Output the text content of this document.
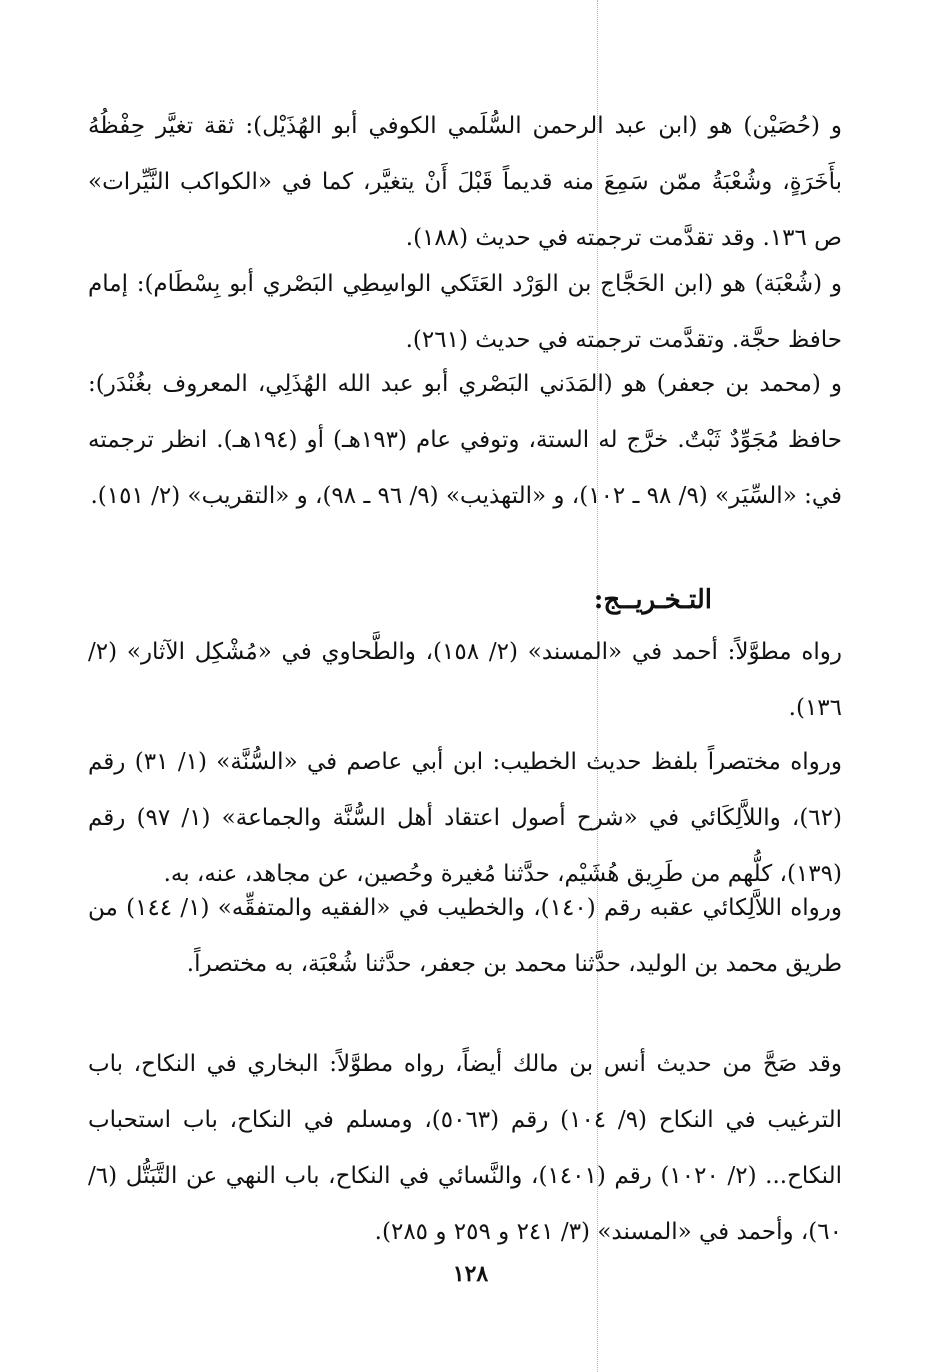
و (حُصَيْن) هو (ابن عبد الرحمن السُّلَمي الكوفي أبو الهُذَيْل): ثقة تغيَّر حِفْظُهُ بأَخَرَةٍ، وشُعْبَةُ ممّن سَمِعَ منه قديماً قَبْلَ أَنْ يتغيَّر، كما في «الكواكب النَّيِّرات» ص ١٣٦. وقد تقدَّمت ترجمته في حديث (١٨٨).

و (شُعْبَة) هو (ابن الحَجَّاج بن الوَرْد العَتَكي الواسِطِي البَصْري أبو بِسْطَام): إمام حافظ حجَّة. وتقدَّمت ترجمته في حديث (٢٦١).

و (محمد بن جعفر) هو (المَدَني البَصْري أبو عبد الله الهُذَلِي، المعروف بغُنْدَر): حافظ مُجَوِّدٌ ثَبْتٌ. خرَّج له الستة، وتوفي عام (١٩٣هـ) أو (١٩٤هـ). انظر ترجمته في: «السِّيَر» (٩/ ٩٨ ـ ١٠٢)، و «التهذيب» (٩/ ٩٦ ـ ٩٨)، و «التقريب» (٢/ ١٥١).

التـخـريــج:

رواه مطوَّلاً: أحمد في «المسند» (٢/ ١٥٨)، والطَّحاوي في «مُشْكِل الآثار» (٢/ ١٣٦).

ورواه مختصراً بلفظ حديث الخطيب: ابن أبي عاصم في «السُّنَّة» (١/ ٣١) رقم (٦٢)، واللاَّلِكَائي في «شرح أصول اعتقاد أهل السُّنَّة والجماعة» (١/ ٩٧) رقم (١٣٩)، كلُّهم من طَرِيق هُشَيْم، حدَّثنا مُغيرة وحُصين، عن مجاهد، عنه، به.

ورواه اللاَّلِكائي عقبه رقم (١٤٠)، والخطيب في «الفقيه والمتفقِّه» (١/ ١٤٤) من طريق محمد بن الوليد، حدَّثنا محمد بن جعفر، حدَّثنا شُعْبَة، به مختصراً.

وقد صَحَّ من حديث أنس بن مالك أيضاً، رواه مطوَّلاً: البخاري في النكاح، باب الترغيب في النكاح (٩/ ١٠٤) رقم (٥٠٦٣)، ومسلم في النكاح، باب استحباب النكاح... (٢/ ١٠٢٠) رقم (١٤٠١)، والنَّسائي في النكاح، باب النهي عن التَّبَتُّل (٦/ ٦٠)، وأحمد في «المسند» (٣/ ٢٤١ و ٢٥٩ و ٢٨٥).

١٢٨
